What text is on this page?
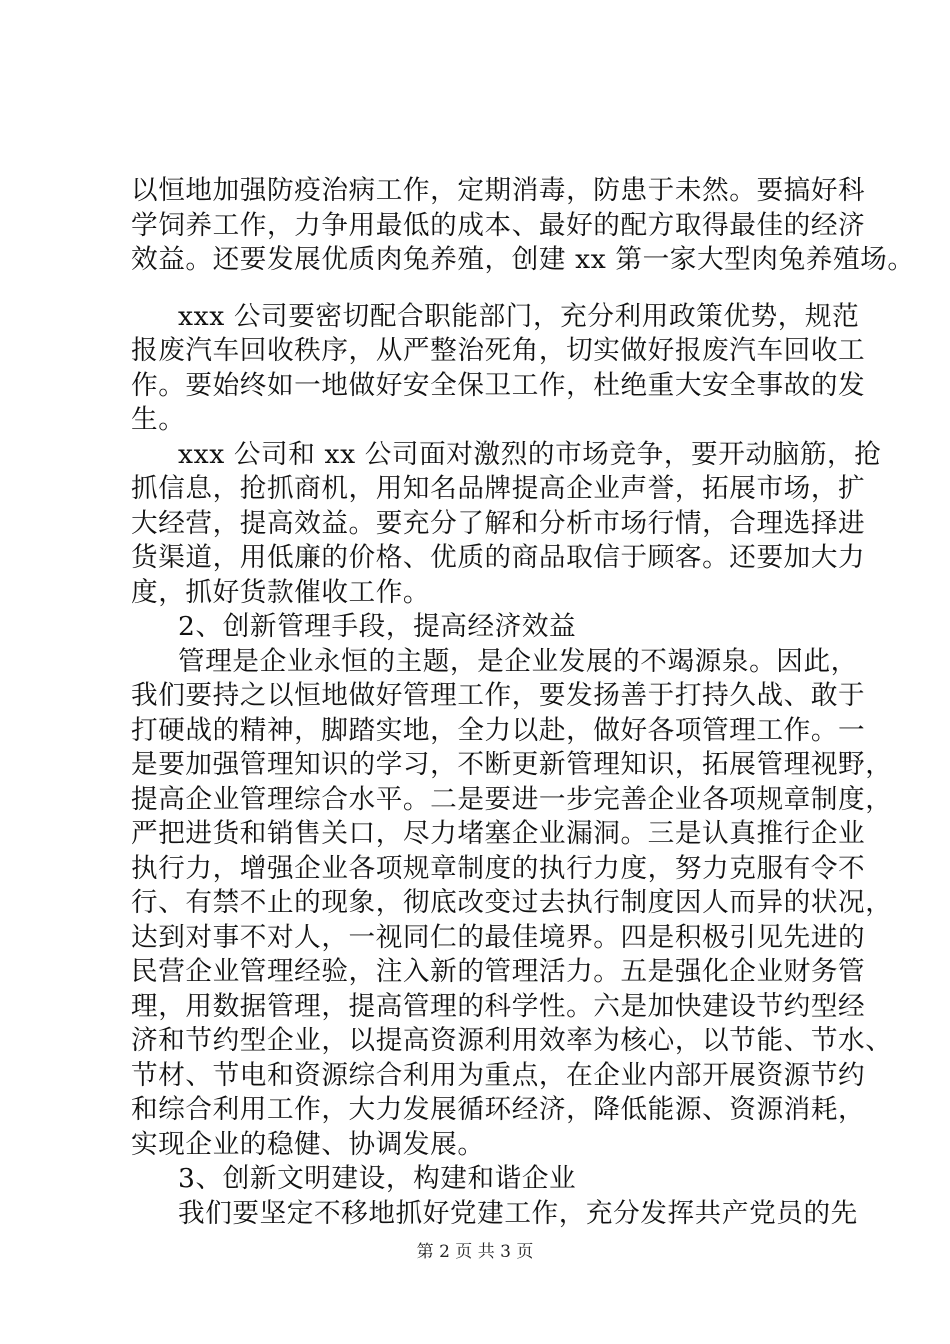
以恒地加强防疫治病工作，定期消毒，防患于未然。要搞好科
学饲养工作，力争用最低的成本、最好的配方取得最佳的经济
效益。还要发展优质肉兔养殖，创建 xx 第一家大型肉兔养殖场。
xxx 公司要密切配合职能部门，充分利用政策优势，规范
报废汽车回收秩序，从严整治死角，切实做好报废汽车回收工
作。要始终如一地做好安全保卫工作，杜绝重大安全事故的发
生。
xxx 公司和 xx 公司面对激烈的市场竞争，要开动脑筋，抢
抓信息，抢抓商机，用知名品牌提高企业声誉，拓展市场，扩
大经营，提高效益。要充分了解和分析市场行情，合理选择进
货渠道，用低廉的价格、优质的商品取信于顾客。还要加大力
度，抓好货款催收工作。
2、创新管理手段，提高经济效益
管理是企业永恒的主题，是企业发展的不竭源泉。因此，
我们要持之以恒地做好管理工作，要发扬善于打持久战、敢于
打硬战的精神，脚踏实地，全力以赴，做好各项管理工作。一
是要加强管理知识的学习，不断更新管理知识，拓展管理视野，
提高企业管理综合水平。二是要进一步完善企业各项规章制度，
严把进货和销售关口，尽力堵塞企业漏洞。三是认真推行企业
执行力，增强企业各项规章制度的执行力度，努力克服有令不
行、有禁不止的现象，彻底改变过去执行制度因人而异的状况，
达到对事不对人，一视同仁的最佳境界。四是积极引见先进的
民营企业管理经验，注入新的管理活力。五是强化企业财务管
理，用数据管理，提高管理的科学性。六是加快建设节约型经
济和节约型企业，以提高资源利用效率为核心，以节能、节水、
节材、节电和资源综合利用为重点，在企业内部开展资源节约
和综合利用工作，大力发展循环经济，降低能源、资源消耗，
实现企业的稳健、协调发展。
3、创新文明建设，构建和谐企业
我们要坚定不移地抓好党建工作，充分发挥共产党员的先
第 2 页 共 3 页
